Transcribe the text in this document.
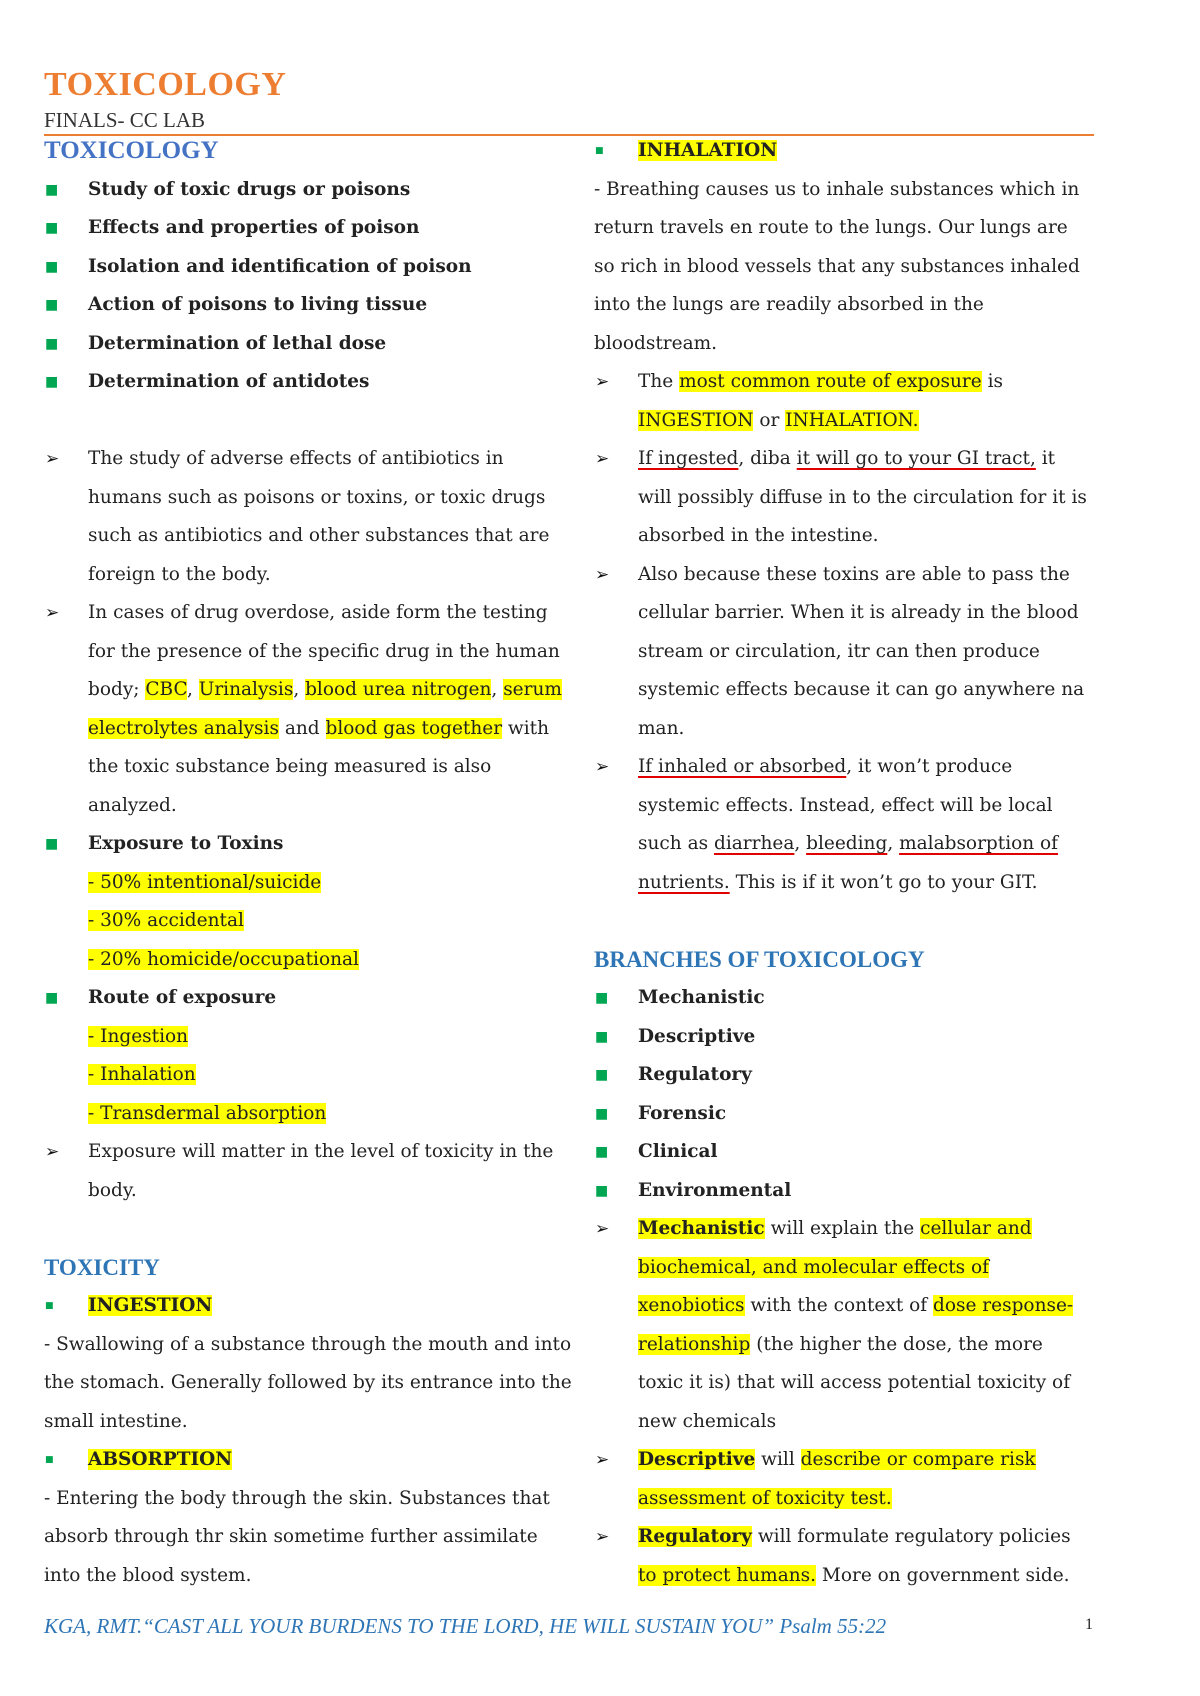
TOXICOLOGY
FINALS- CC LAB
TOXICOLOGY
■	Study of toxic drugs or poisons
■	Effects and properties of poison
■	Isolation and identification of poison
■	Action of poisons to living tissue
■	Determination of lethal dose
■	Determination of antidotes
➢	The study of adverse effects of antibiotics in humans such as poisons or toxins, or toxic drugs such as antibiotics and other substances that are foreign to the body.
➢	In cases of drug overdose, aside form the testing for the presence of the specific drug in the human body; CBC, Urinalysis, blood urea nitrogen, serum electrolytes analysis and blood gas together with the toxic substance being measured is also analyzed.
■	Exposure to Toxins
- 50% intentional/suicide
- 30% accidental
- 20% homicide/occupational
■	Route of exposure
- Ingestion
- Inhalation
- Transdermal absorption
➢	Exposure will matter in the level of toxicity in the body.
TOXICITY
■	INGESTION

- Swallowing of a substance through the mouth and into the stomach. Generally followed by its entrance into the small intestine.

■	ABSORPTION

- Entering the body through the skin. Substances that absorb through thr skin sometime further assimilate into the blood system.

■	INHALATION

- Breathing causes us to inhale substances which in return travels en route to the lungs. Our lungs are so rich in blood vessels that any substances inhaled into the lungs are readily absorbed in the bloodstream.

➢	The most common route of exposure is INGESTION or INHALATION.
➢	If ingested, diba it will go to your GI tract, it will possibly diffuse in to the circulation for it is absorbed in the intestine.
➢	Also because these toxins are able to pass the cellular barrier. When it is already in the blood stream or circulation, itr can then produce systemic effects because it can go anywhere na man.
➢	If inhaled or absorbed, it won’t produce systemic effects. Instead, effect will be local such as diarrhea, bleeding, malabsorption of nutrients. This is if it won’t go to your GIT.
BRANCHES OF TOXICOLOGY
■	Mechanistic
■	Descriptive
■	Regulatory
■	Forensic
■	Clinical
■	Environmental
➢	Mechanistic will explain the cellular and biochemical, and molecular effects of xenobiotics with the context of dose response-relationship (the higher the dose, the more toxic it is) that will access potential toxicity of new chemicals
➢	Descriptive will describe or compare risk assessment of toxicity test.
➢	Regulatory will formulate regulatory policies to protect humans. More on government side.
KGA, RMT.“CAST ALL YOUR BURDENS TO THE LORD, HE WILL SUSTAIN YOU” Psalm 55:22	1
